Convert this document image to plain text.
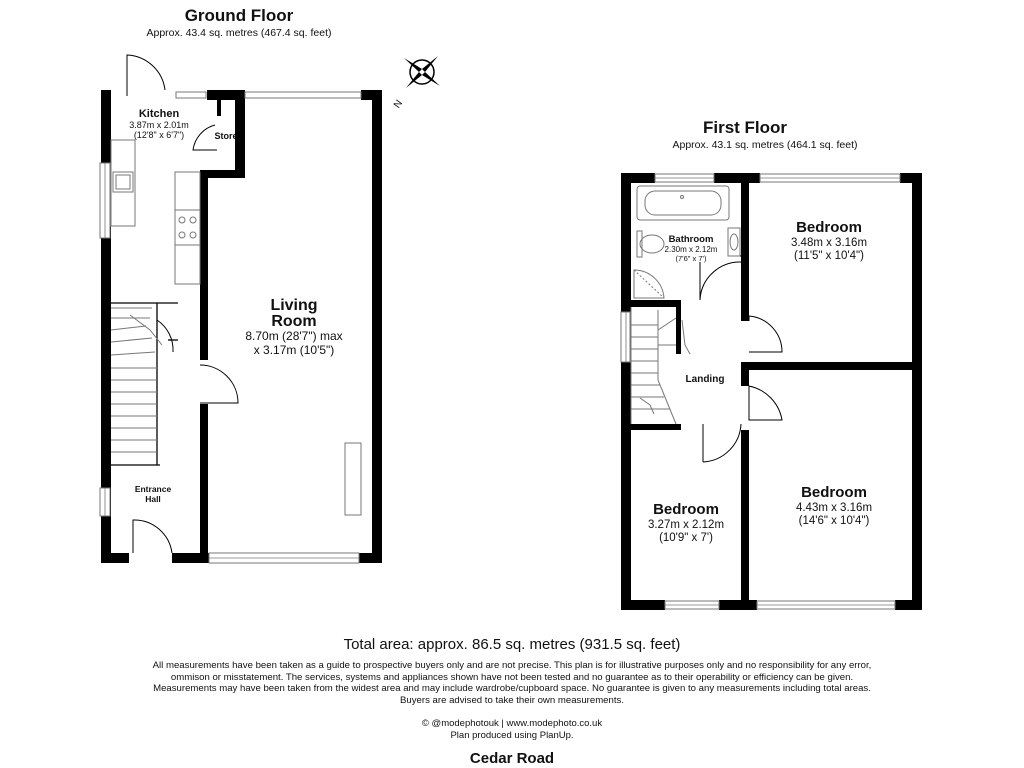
Ground Floor
Approx. 43.4 sq. metres (467.4 sq. feet)
First Floor
Approx. 43.1 sq. metres (464.1 sq. feet)
N
Kitchen
3.87m x 2.01m
(12'8" x 6'7")	Store
Living
Room
8.70m (28'7") max
x 3.17m (10'5")
Entrance
Hall
Bathroom
2.30m x 2.12m
(7'6" x 7')
Bedroom
3.48m x 3.16m
(11'5" x 10'4")
Landing
Bedroom
3.27m x 2.12m
(10'9" x 7')
Bedroom
4.43m x 3.16m
(14'6" x 10'4")
Total area: approx. 86.5 sq. metres (931.5 sq. feet)
All measurements have been taken as a guide to prospective buyers only and are not precise. This plan is for illustrative purposes only and no responsibility for any error, ommison or misstatement. The services, systems and appliances shown have not been tested and no guarantee as to their operability or efficiency can be given. Measurements may have been taken from the widest area and may include wardrobe/cupboard space. No guarantee is given to any measurements including total areas. Buyers are advised to take their own measurements.
© @modephotouk | www.modephoto.co.uk
Plan produced using PlanUp.
Cedar Road
